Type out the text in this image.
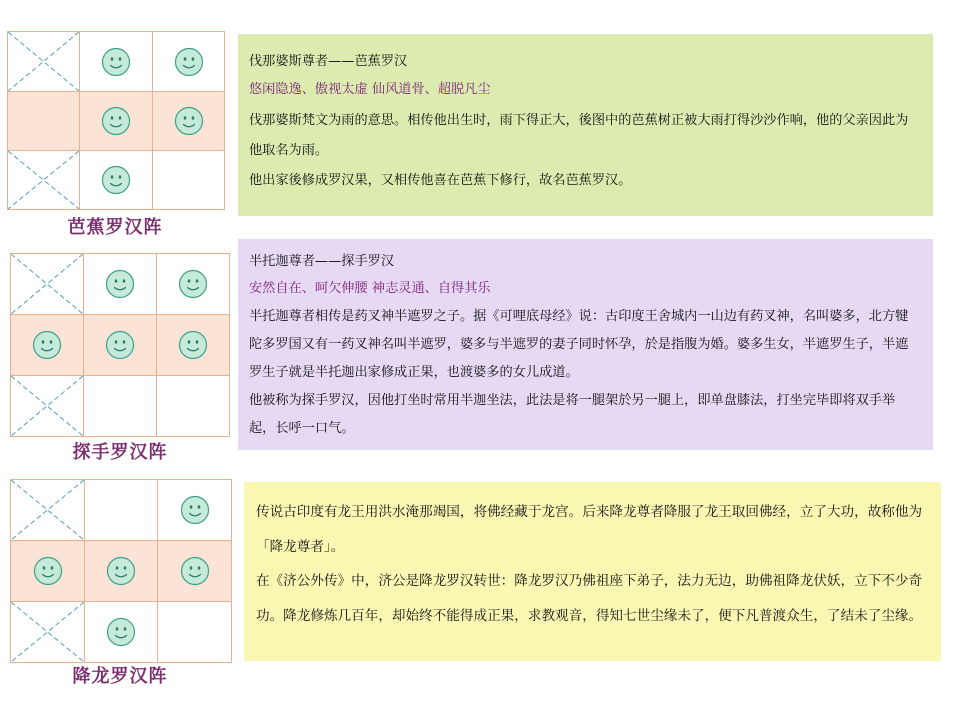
芭蕉罗汉阵

探手罗汉阵

降龙罗汉阵

伐那婆斯尊者——芭蕉罗汉

悠闲隐逸、傲视太虚 仙风道骨、超脱凡尘

伐那婆斯梵文为雨的意思。相传他出生时，雨下得正大，後图中的芭蕉树正被大雨打得沙沙作响，他的父亲因此为他取名为雨。

他出家後修成罗汉果，又相传他喜在芭蕉下修行，故名芭蕉罗汉。

半托迦尊者——探手罗汉

安然自在、呵欠伸腰 神志灵通、自得其乐

半托迦尊者相传是药叉神半遮罗之子。据《可哩底母经》说：古印度王舍城内一山边有药叉神，名叫婆多，北方犍陀多罗国又有一药叉神名叫半遮罗，婆多与半遮罗的妻子同时怀孕，於是指腹为婚。婆多生女，半遮罗生子，半遮罗生子就是半托迦出家修成正果，也渡婆多的女儿成道。

他被称为探手罗汉，因他打坐时常用半迦坐法，此法是将一腿架於另一腿上，即单盘膝法，打坐完毕即将双手举起，长呼一口气。

传说古印度有龙王用洪水淹那竭国，将佛经藏于龙宫。后来降龙尊者降服了龙王取回佛经，立了大功，故称他为「降龙尊者」。

在《济公外传》中，济公是降龙罗汉转世：降龙罗汉乃佛祖座下弟子，法力无边，助佛祖降龙伏妖，立下不少奇功。降龙修炼几百年，却始终不能得成正果，求教观音，得知七世尘缘未了，便下凡普渡众生，了结未了尘缘。
